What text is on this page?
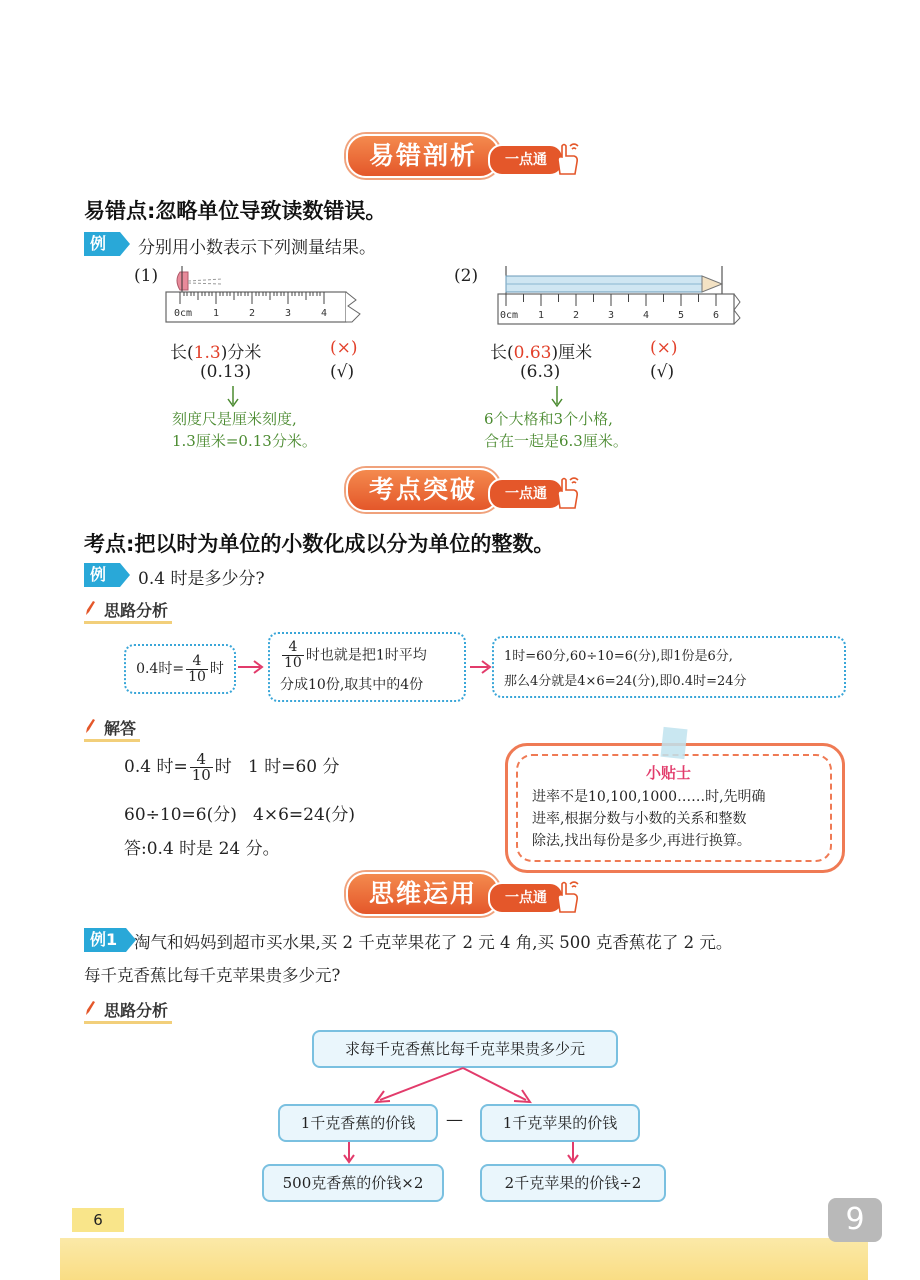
易错剖析	一点通
易错点:忽略单位导致读数错误。
例	分别用小数表示下列测量结果。
(1)
0cm 1	2	3	4
长(1.3)分米	(×)
(0.13)	(√)
刻度尺是厘米刻度,
1.3厘米=0.13分米。
(2)
0cm 1	2	3	4	5	6
长(0.63)厘米	(×)
(6.3)	(√)
6个大格和3个小格,
合在一起是6.3厘米。
考点突破	一点通
考点:把以时为单位的小数化成以分为单位的整数。
例	0.4 时是多少分?
思路分析
0.4时= $\frac{4}{10}$ 时	$\frac{4}{10}$ 时也就是把1时平均
分成10份,取其中的4份
1时=60分,60÷10=6(分),即1份是6分,
那么4分就是4×6=24(分),即0.4时=24分
解答
0.4 时= $\frac{4}{10}$ 时   1 时=60 分
60÷10=6(分)   4×6=24(分)
答:0.4 时是 24 分。
小贴士
进率不是10,100,1000……时,先明确
进率,根据分数与小数的关系和整数
除法,找出每份是多少,再进行换算。
思维运用	一点通
例1	淘气和妈妈到超市买水果,买 2 千克苹果花了 2 元 4 角,买 500 克香蕉花了 2 元。
每千克香蕉比每千克苹果贵多少元?
思路分析
求每千克香蕉比每千克苹果贵多少元
1千克香蕉的价钱	—	1千克苹果的价钱
500克香蕉的价钱×2	2千克苹果的价钱÷2
6	9
